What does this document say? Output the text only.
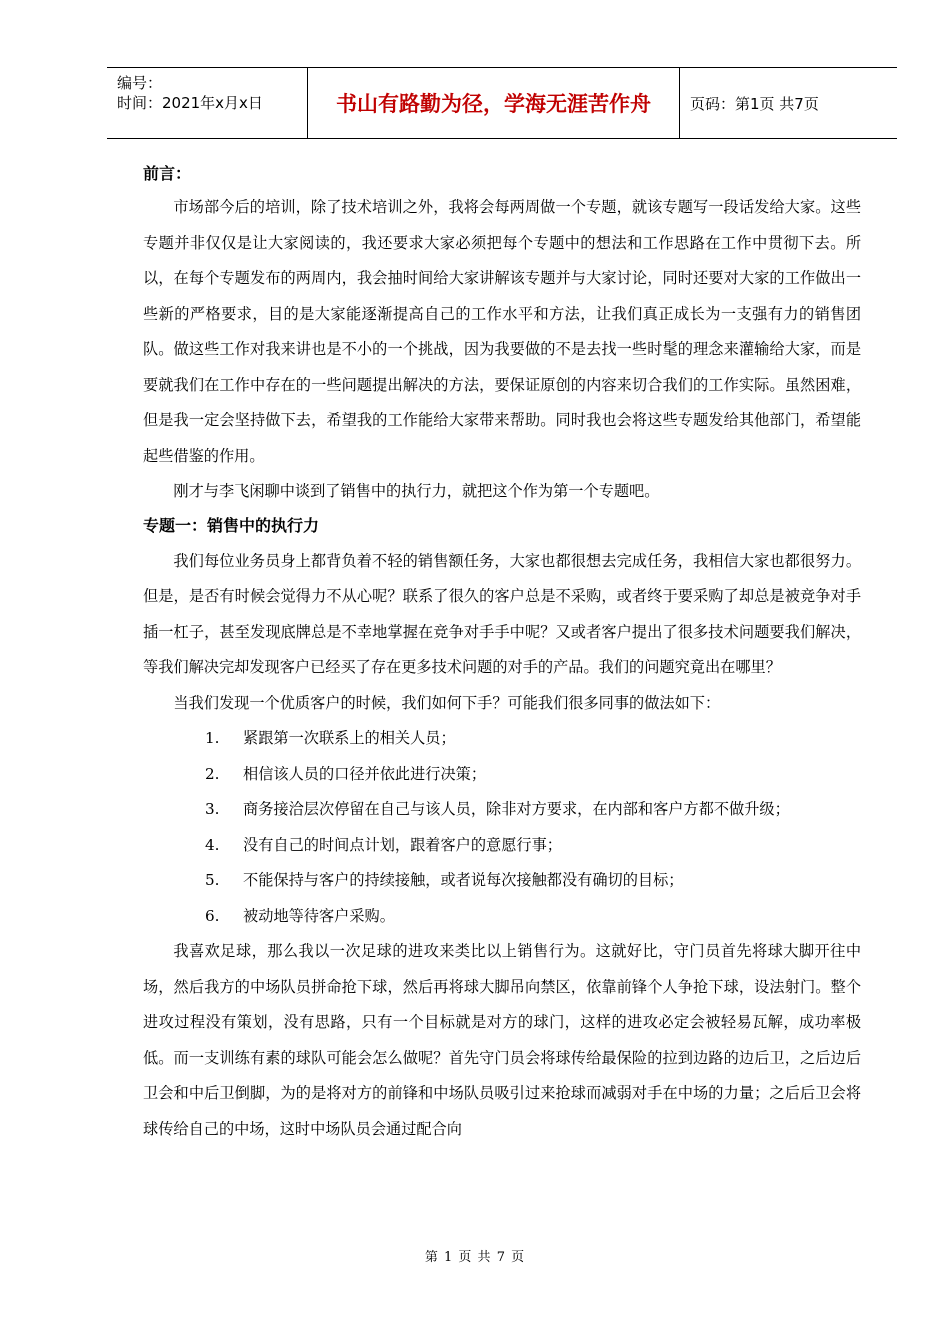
编号：
时间：2021年x月x日	书山有路勤为径，学海无涯苦作舟	页码：第1页 共7页
前言：

市场部今后的培训，除了技术培训之外，我将会每两周做一个专题，就该专题写一段话发给大家。这些专题并非仅仅是让大家阅读的，我还要求大家必须把每个专题中的想法和工作思路在工作中贯彻下去。所以，在每个专题发布的两周内，我会抽时间给大家讲解该专题并与大家讨论，同时还要对大家的工作做出一些新的严格要求，目的是大家能逐渐提高自己的工作水平和方法，让我们真正成长为一支强有力的销售团队。做这些工作对我来讲也是不小的一个挑战，因为我要做的不是去找一些时髦的理念来灌输给大家，而是要就我们在工作中存在的一些问题提出解决的方法，要保证原创的内容来切合我们的工作实际。虽然困难，但是我一定会坚持做下去，希望我的工作能给大家带来帮助。同时我也会将这些专题发给其他部门，希望能起些借鉴的作用。

刚才与李飞闲聊中谈到了销售中的执行力，就把这个作为第一个专题吧。

专题一：销售中的执行力

我们每位业务员身上都背负着不轻的销售额任务，大家也都很想去完成任务，我相信大家也都很努力。但是，是否有时候会觉得力不从心呢？联系了很久的客户总是不采购，或者终于要采购了却总是被竞争对手插一杠子，甚至发现底牌总是不幸地掌握在竞争对手手中呢？又或者客户提出了很多技术问题要我们解决，等我们解决完却发现客户已经买了存在更多技术问题的对手的产品。我们的问题究竟出在哪里？

当我们发现一个优质客户的时候，我们如何下手？可能我们很多同事的做法如下：

1. 紧跟第一次联系上的相关人员；
2. 相信该人员的口径并依此进行决策；
3. 商务接洽层次停留在自己与该人员，除非对方要求，在内部和客户方都不做升级；
4. 没有自己的时间点计划，跟着客户的意愿行事；
5. 不能保持与客户的持续接触，或者说每次接触都没有确切的目标；
6. 被动地等待客户采购。

我喜欢足球，那么我以一次足球的进攻来类比以上销售行为。这就好比，守门员首先将球大脚开往中场，然后我方的中场队员拼命抢下球，然后再将球大脚吊向禁区，依靠前锋个人争抢下球，设法射门。整个进攻过程没有策划，没有思路，只有一个目标就是对方的球门，这样的进攻必定会被轻易瓦解，成功率极低。而一支训练有素的球队可能会怎么做呢？首先守门员会将球传给最保险的拉到边路的边后卫，之后边后卫会和中后卫倒脚，为的是将对方的前锋和中场队员吸引过来抢球而减弱对手在中场的力量；之后后卫会将球传给自己的中场，这时中场队员会通过配合向

第 1 页 共 7 页
